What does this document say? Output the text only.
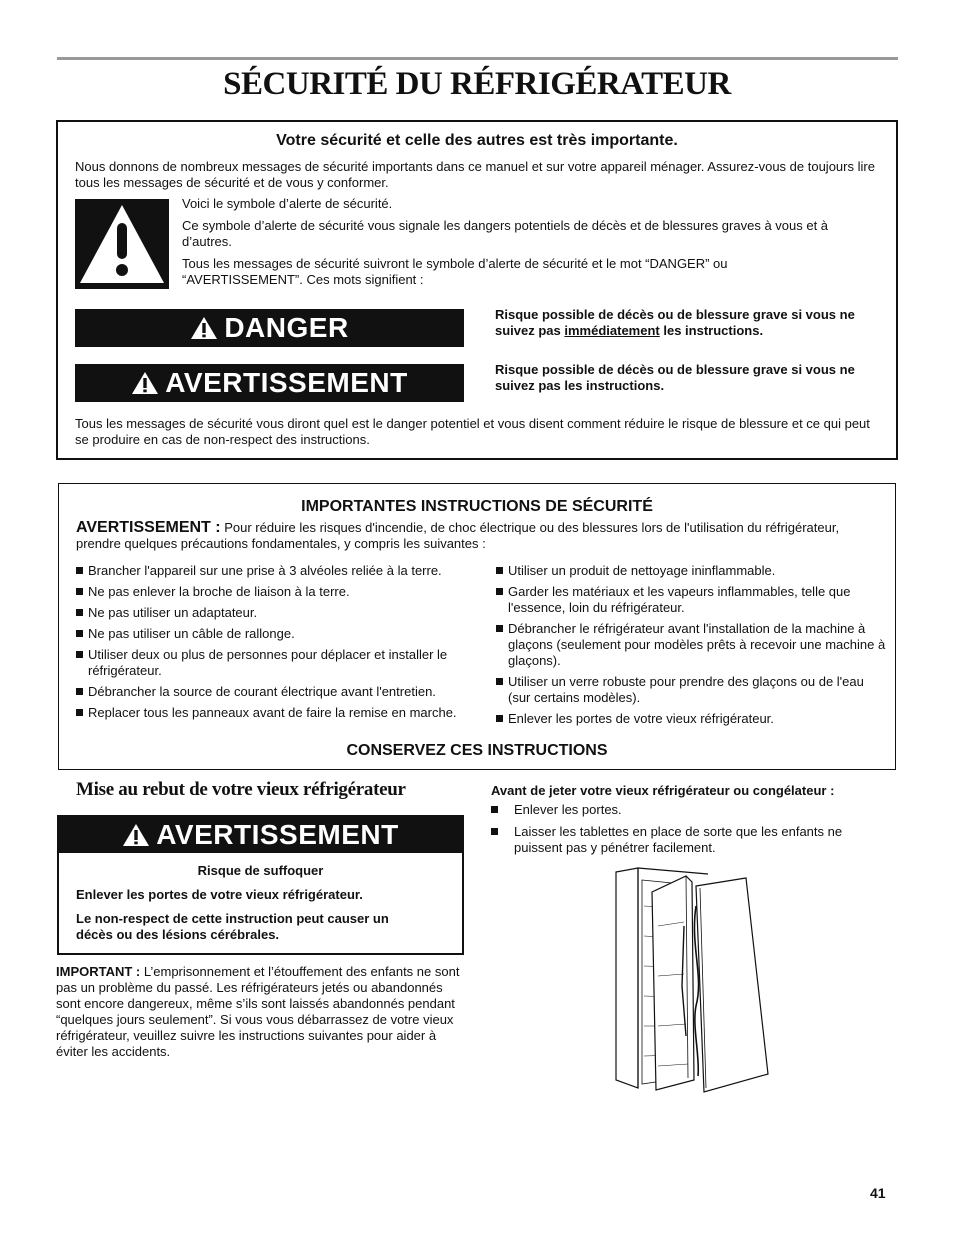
SÉCURITÉ DU RÉFRIGÉRATEUR
Votre sécurité et celle des autres est très importante.
Nous donnons de nombreux messages de sécurité importants dans ce manuel et sur votre appareil ménager. Assurez-vous de toujours lire tous les messages de sécurité et de vous y conformer.
Voici le symbole d’alerte de sécurité.
Ce symbole d’alerte de sécurité vous signale les dangers potentiels de décès et de blessures graves à vous et à d’autres.
Tous les messages de sécurité suivront le symbole d’alerte de sécurité et le mot “DANGER” ou “AVERTISSEMENT”. Ces mots signifient :
DANGER	Risque possible de décès ou de blessure grave si vous ne suivez pas immédiatement les instructions.
AVERTISSEMENT	Risque possible de décès ou de blessure grave si vous ne suivez pas les instructions.
Tous les messages de sécurité vous diront quel est le danger potentiel et vous disent comment réduire le risque de blessure et ce qui peut se produire en cas de non-respect des instructions.
IMPORTANTES INSTRUCTIONS DE SÉCURITÉ
AVERTISSEMENT : Pour réduire les risques d'incendie, de choc électrique ou des blessures lors de l'utilisation du réfrigérateur, prendre quelques précautions fondamentales, y compris les suivantes :
Brancher l'appareil sur une prise à 3 alvéoles reliée à la terre.
Ne pas enlever la broche de liaison à la terre.
Ne pas utiliser un adaptateur.
Ne pas utiliser un câble de rallonge.
Utiliser deux ou plus de personnes pour déplacer et installer le réfrigérateur.
Débrancher la source de courant électrique avant l'entretien.
Replacer tous les panneaux avant de faire la remise en marche.
Utiliser un produit de nettoyage ininflammable.
Garder les matériaux et les vapeurs inflammables, telle que l'essence, loin du réfrigérateur.
Débrancher le réfrigérateur avant l'installation de la machine à glaçons (seulement pour modèles prêts à recevoir une machine à glaçons).
Utiliser un verre robuste pour prendre des glaçons ou de l'eau (sur certains modèles).
Enlever les portes de votre vieux réfrigérateur.
CONSERVEZ CES INSTRUCTIONS
Mise au rebut de votre vieux réfrigérateur
AVERTISSEMENT
Risque de suffoquer
Enlever les portes de votre vieux réfrigérateur.
Le non-respect de cette instruction peut causer un décès ou des lésions cérébrales.
IMPORTANT : L’emprisonnement et l’étouffement des enfants ne sont pas un problème du passé. Les réfrigérateurs jetés ou abandonnés sont encore dangereux, même s’ils sont laissés abandonnés pendant “quelques jours seulement”. Si vous vous débarrassez de votre vieux réfrigérateur, veuillez suivre les instructions suivantes pour aider à éviter les accidents.
Avant de jeter votre vieux réfrigérateur ou congélateur :
Enlever les portes.
Laisser les tablettes en place de sorte que les enfants ne puissent pas y pénétrer facilement.
41
